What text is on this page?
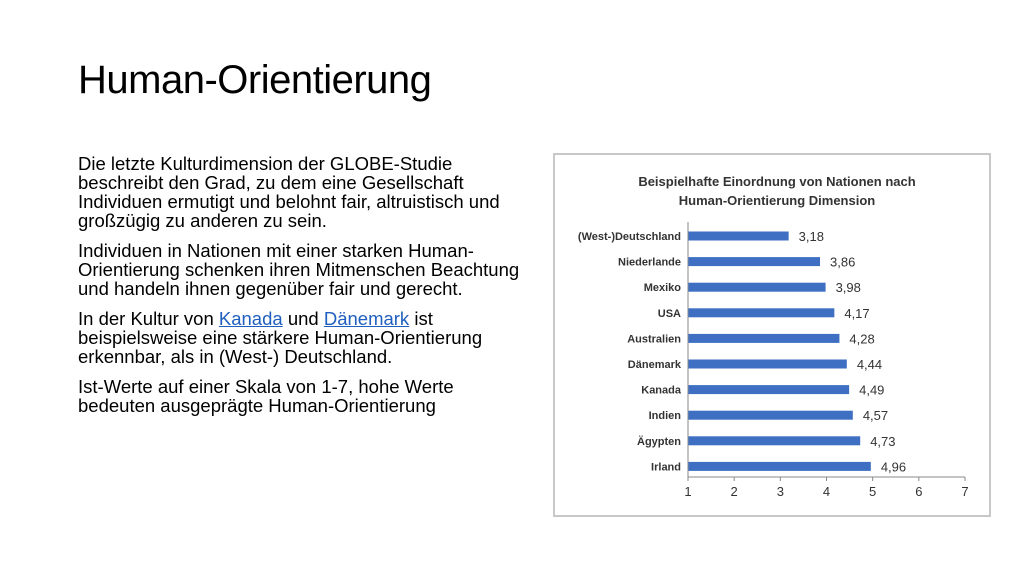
Human-Orientierung

Die letzte Kulturdimension der GLOBE-Studie beschreibt den Grad, zu dem eine Gesellschaft Individuen ermutigt und belohnt fair, altruistisch und großzügig zu anderen zu sein.

Individuen in Nationen mit einer starken Human-Orientierung schenken ihren Mitmenschen Beachtung und handeln ihnen gegenüber fair und gerecht.

In der Kultur von Kanada und Dänemark ist beispielsweise eine stärkere Human-Orientierung erkennbar, als in (West-) Deutschland.

Ist-Werte auf einer Skala von 1-7, hohe Werte bedeuten ausgeprägte Human-Orientierung

Beispielhafte Einordnung von Nationen nach
Human-Orientierung Dimension
(West-)Deutschland	3,18
Niederlande	3,86
Mexiko	3,98
USA	4,17
Australien	4,28
Dänemark	4,44
Kanada	4,49
Indien	4,57
Ägypten	4,73
Irland	4,96
1	2	3	4	5	6	7
